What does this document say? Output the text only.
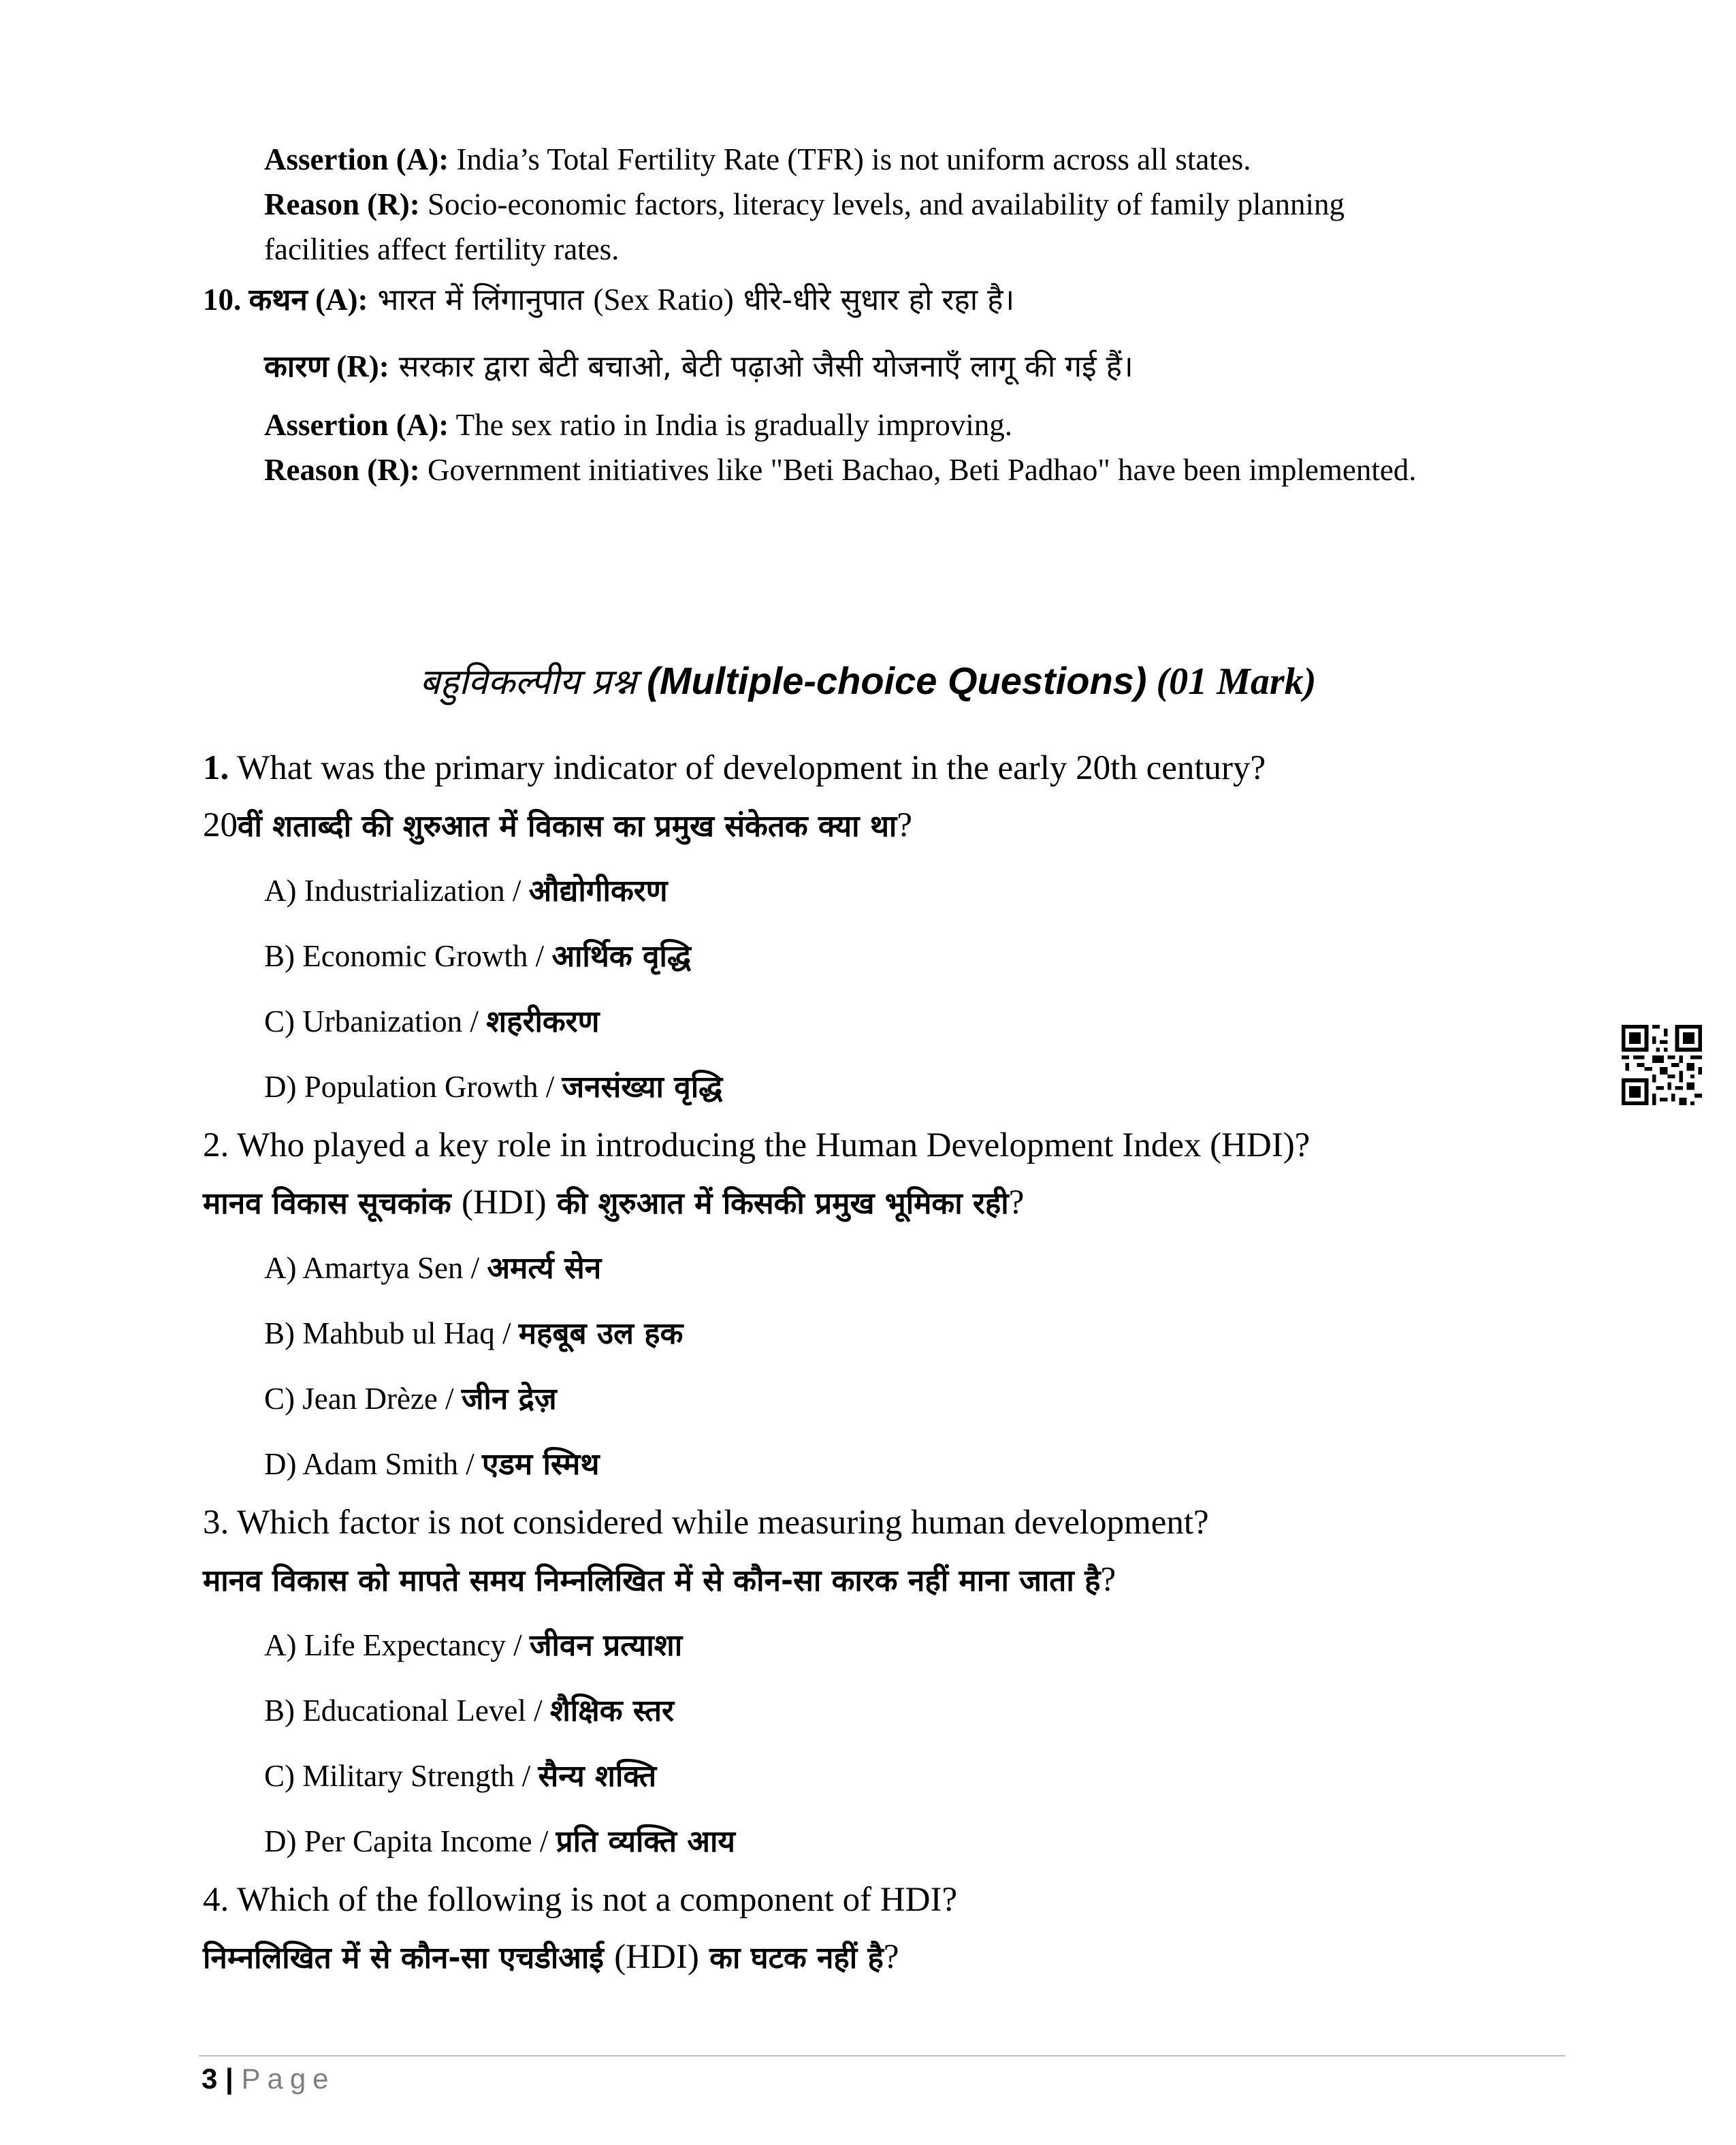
Assertion (A): India’s Total Fertility Rate (TFR) is not uniform across all states.
Reason (R): Socio-economic factors, literacy levels, and availability of family planning
facilities affect fertility rates.
10. कथन (A): भारत में लिंगानुपात (Sex Ratio) धीरे-धीरे सुधार हो रहा है।
कारण (R): सरकार द्वारा बेटी बचाओ, बेटी पढ़ाओ जैसी योजनाएँ लागू की गई हैं।
Assertion (A): The sex ratio in India is gradually improving.
Reason (R): Government initiatives like "Beti Bachao, Beti Padhao" have been implemented.
बहुविकल्पीय प्रश्न (Multiple-choice Questions) (01 Mark)
1. What was the primary indicator of development in the early 20th century?
20वीं शताब्दी की शुरुआत में विकास का प्रमुख संकेतक क्या था?
A) Industrialization / औद्योगीकरण
B) Economic Growth / आर्थिक वृद्धि
C) Urbanization / शहरीकरण
D) Population Growth / जनसंख्या वृद्धि
2. Who played a key role in introducing the Human Development Index (HDI)?
मानव विकास सूचकांक (HDI) की शुरुआत में किसकी प्रमुख भूमिका रही?
A) Amartya Sen / अमर्त्य सेन
B) Mahbub ul Haq / महबूब उल हक
C) Jean Drèze / जीन द्रेज़
D) Adam Smith / एडम स्मिथ
3. Which factor is not considered while measuring human development?
मानव विकास को मापते समय निम्नलिखित में से कौन-सा कारक नहीं माना जाता है?
A) Life Expectancy / जीवन प्रत्याशा
B) Educational Level / शैक्षिक स्तर
C) Military Strength / सैन्य शक्ति
D) Per Capita Income / प्रति व्यक्ति आय
4. Which of the following is not a component of HDI?
निम्नलिखित में से कौन-सा एचडीआई (HDI) का घटक नहीं है?
3 | Page
